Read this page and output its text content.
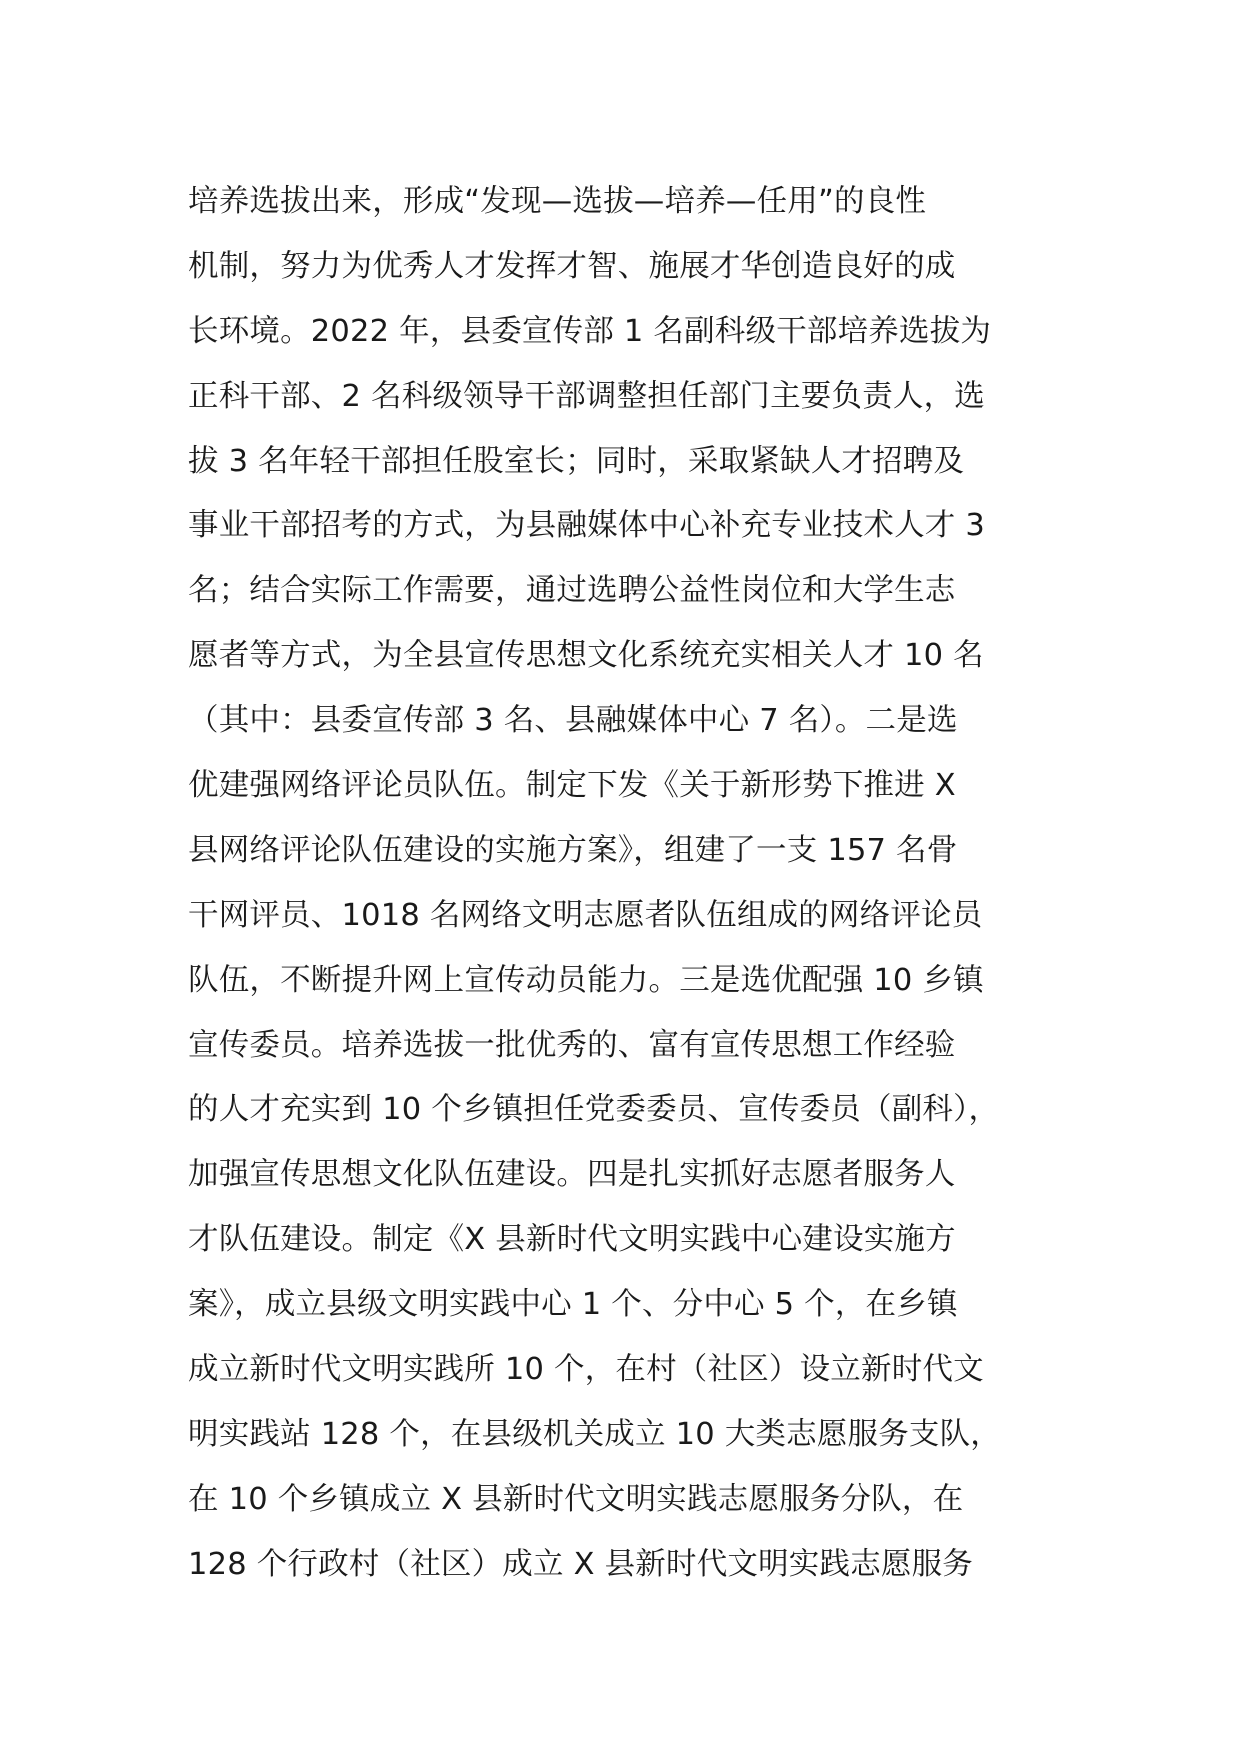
培养选拔出来，形成“发现—选拔—培养—任用”的良性
机制，努力为优秀人才发挥才智、施展才华创造良好的成
长环境。2022 年，县委宣传部 1 名副科级干部培养选拔为
正科干部、2 名科级领导干部调整担任部门主要负责人，选
拔 3 名年轻干部担任股室长；同时，采取紧缺人才招聘及
事业干部招考的方式，为县融媒体中心补充专业技术人才 3
名；结合实际工作需要，通过选聘公益性岗位和大学生志
愿者等方式，为全县宣传思想文化系统充实相关人才 10 名
（其中：县委宣传部 3 名、县融媒体中心 7 名）。二是选
优建强网络评论员队伍。制定下发《关于新形势下推进 X
县网络评论队伍建设的实施方案》，组建了一支 157 名骨
干网评员、1018 名网络文明志愿者队伍组成的网络评论员
队伍，不断提升网上宣传动员能力。三是选优配强 10 乡镇
宣传委员。培养选拔一批优秀的、富有宣传思想工作经验
的人才充实到 10 个乡镇担任党委委员、宣传委员（副科），
加强宣传思想文化队伍建设。四是扎实抓好志愿者服务人
才队伍建设。制定《X 县新时代文明实践中心建设实施方
案》，成立县级文明实践中心 1 个、分中心 5 个，在乡镇
成立新时代文明实践所 10 个，在村（社区）设立新时代文
明实践站 128 个，在县级机关成立 10 大类志愿服务支队，
在 10 个乡镇成立 X 县新时代文明实践志愿服务分队，在
128 个行政村（社区）成立 X 县新时代文明实践志愿服务
